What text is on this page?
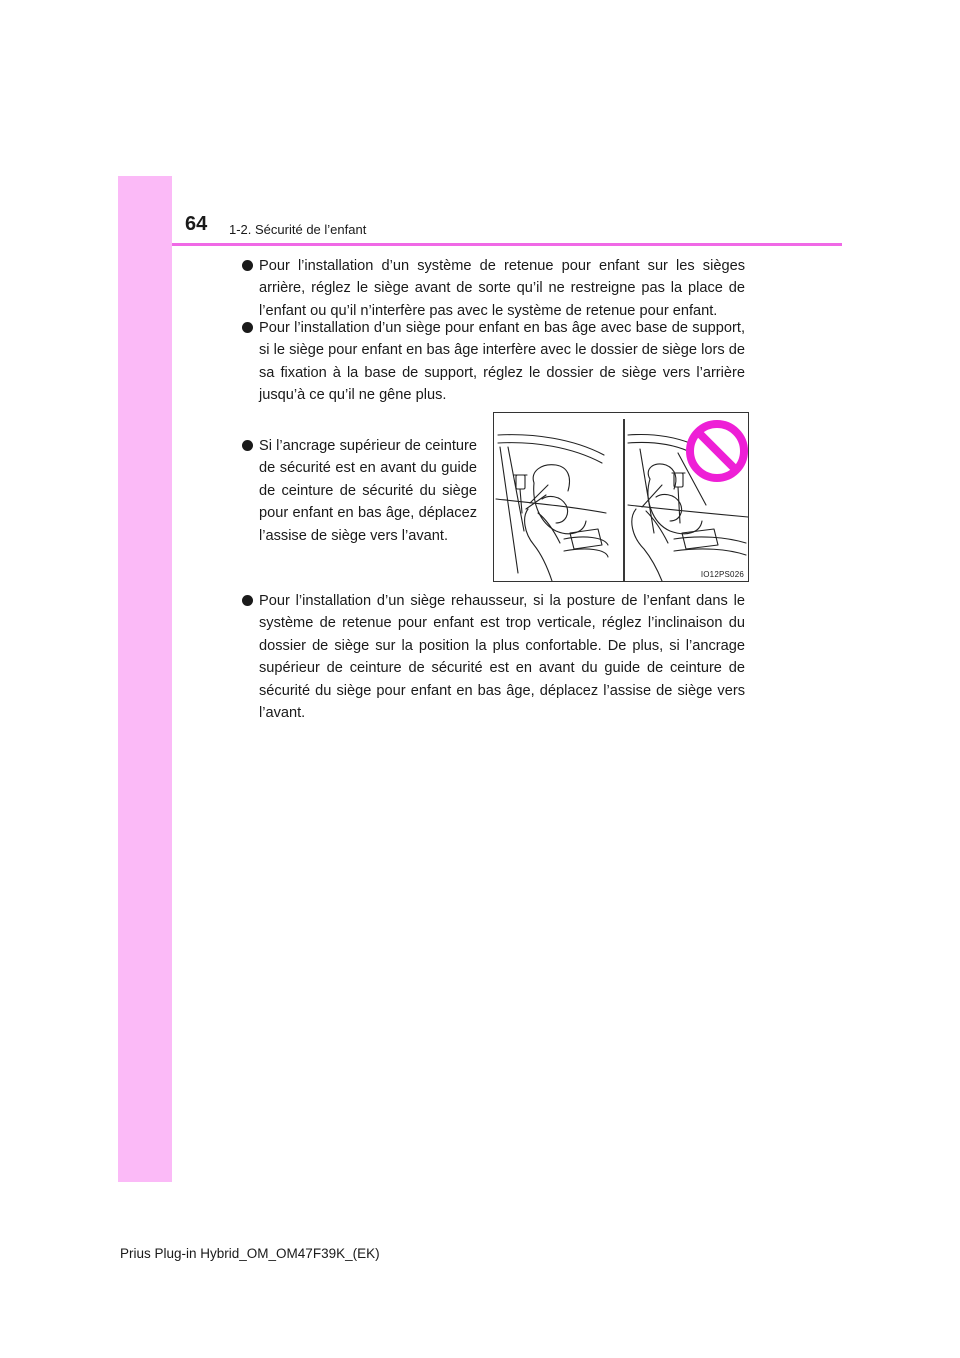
64 1-2. Sécurité de l’enfant
Pour l’installation d’un système de retenue pour enfant sur les sièges arrière, réglez le siège avant de sorte qu’il ne restreigne pas la place de l’enfant ou qu’il n’interfère pas avec le système de retenue pour enfant.
Pour l’installation d’un siège pour enfant en bas âge avec base de support, si le siège pour enfant en bas âge interfère avec le dossier de siège lors de sa fixation à la base de support, réglez le dossier de siège vers l’arrière jusqu’à ce qu’il ne gêne plus.
Si l’ancrage supérieur de ceinture de sécurité est en avant du guide de ceinture de sécurité du siège pour enfant en bas âge, déplacez l’assise de siège vers l’avant.
IO12PS026
Pour l’installation d’un siège rehausseur, si la posture de l’enfant dans le système de retenue pour enfant est trop verticale, réglez l’inclinaison du dossier de siège sur la position la plus confortable. De plus, si l’ancrage supérieur de ceinture de sécurité est en avant du guide de ceinture de sécurité du siège pour enfant en bas âge, déplacez l’assise de siège vers l’avant.
Prius Plug-in Hybrid_OM_OM47F39K_(EK)
